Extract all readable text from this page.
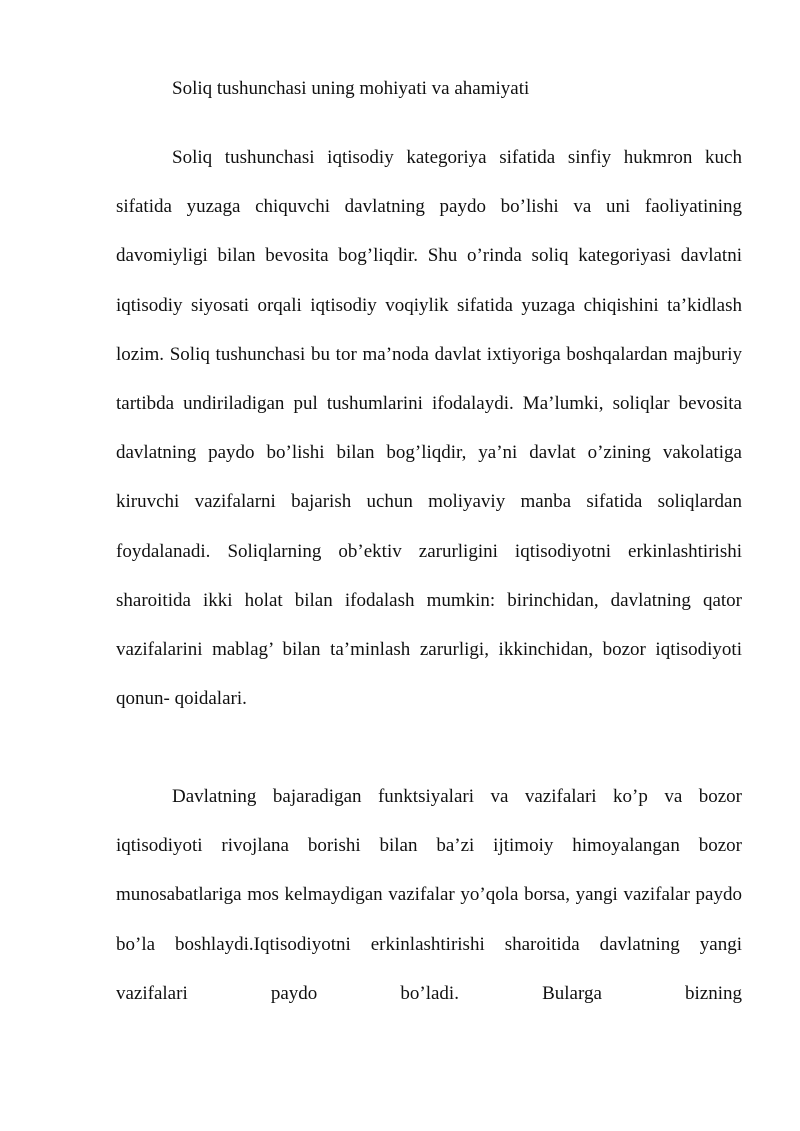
Soliq tushunchasi uning mohiyati va ahamiyati

Soliq tushunchasi iqtisodiy kategoriya sifatida sinfiy hukmron kuch sifatida yuzaga chiquvchi davlatning paydo bo’lishi va uni faoliyatining davomiyligi bilan bevosita bog’liqdir. Shu o’rinda soliq kategoriyasi davlatni iqtisodiy siyosati orqali iqtisodiy voqiylik sifatida yuzaga chiqishini ta’kidlash lozim. Soliq tushunchasi bu tor ma’noda davlat ixtiyoriga boshqalardan majburiy tartibda undiriladigan pul tushumlarini ifodalaydi. Ma’lumki, soliqlar bevosita davlatning paydo bo’lishi bilan bog’liqdir, ya’ni davlat o’zining vakolatiga kiruvchi vazifalarni bajarish uchun moliyaviy manba sifatida soliqlardan foydalanadi. Soliqlarning ob’ektiv zarurligini iqtisodiyotni erkinlashtirishi sharoitida ikki holat bilan ifodalash mumkin: birinchidan, davlatning qator vazifalarini mablag’ bilan ta’minlash zarurligi, ikkinchidan, bozor iqtisodiyoti qonun- qoidalari.

Davlatning bajaradigan funktsiyalari va vazifalari ko’p va bozor iqtisodiyoti rivojlana borishi bilan ba’zi ijtimoiy himoyalangan bozor munosabatlariga mos kelmaydigan vazifalar yo’qola borsa, yangi vazifalar paydo bo’la boshlaydi.Iqtisodiyotni erkinlashtirishi sharoitida davlatning yangi vazifalari paydo bo’ladi. Bularga bizning
